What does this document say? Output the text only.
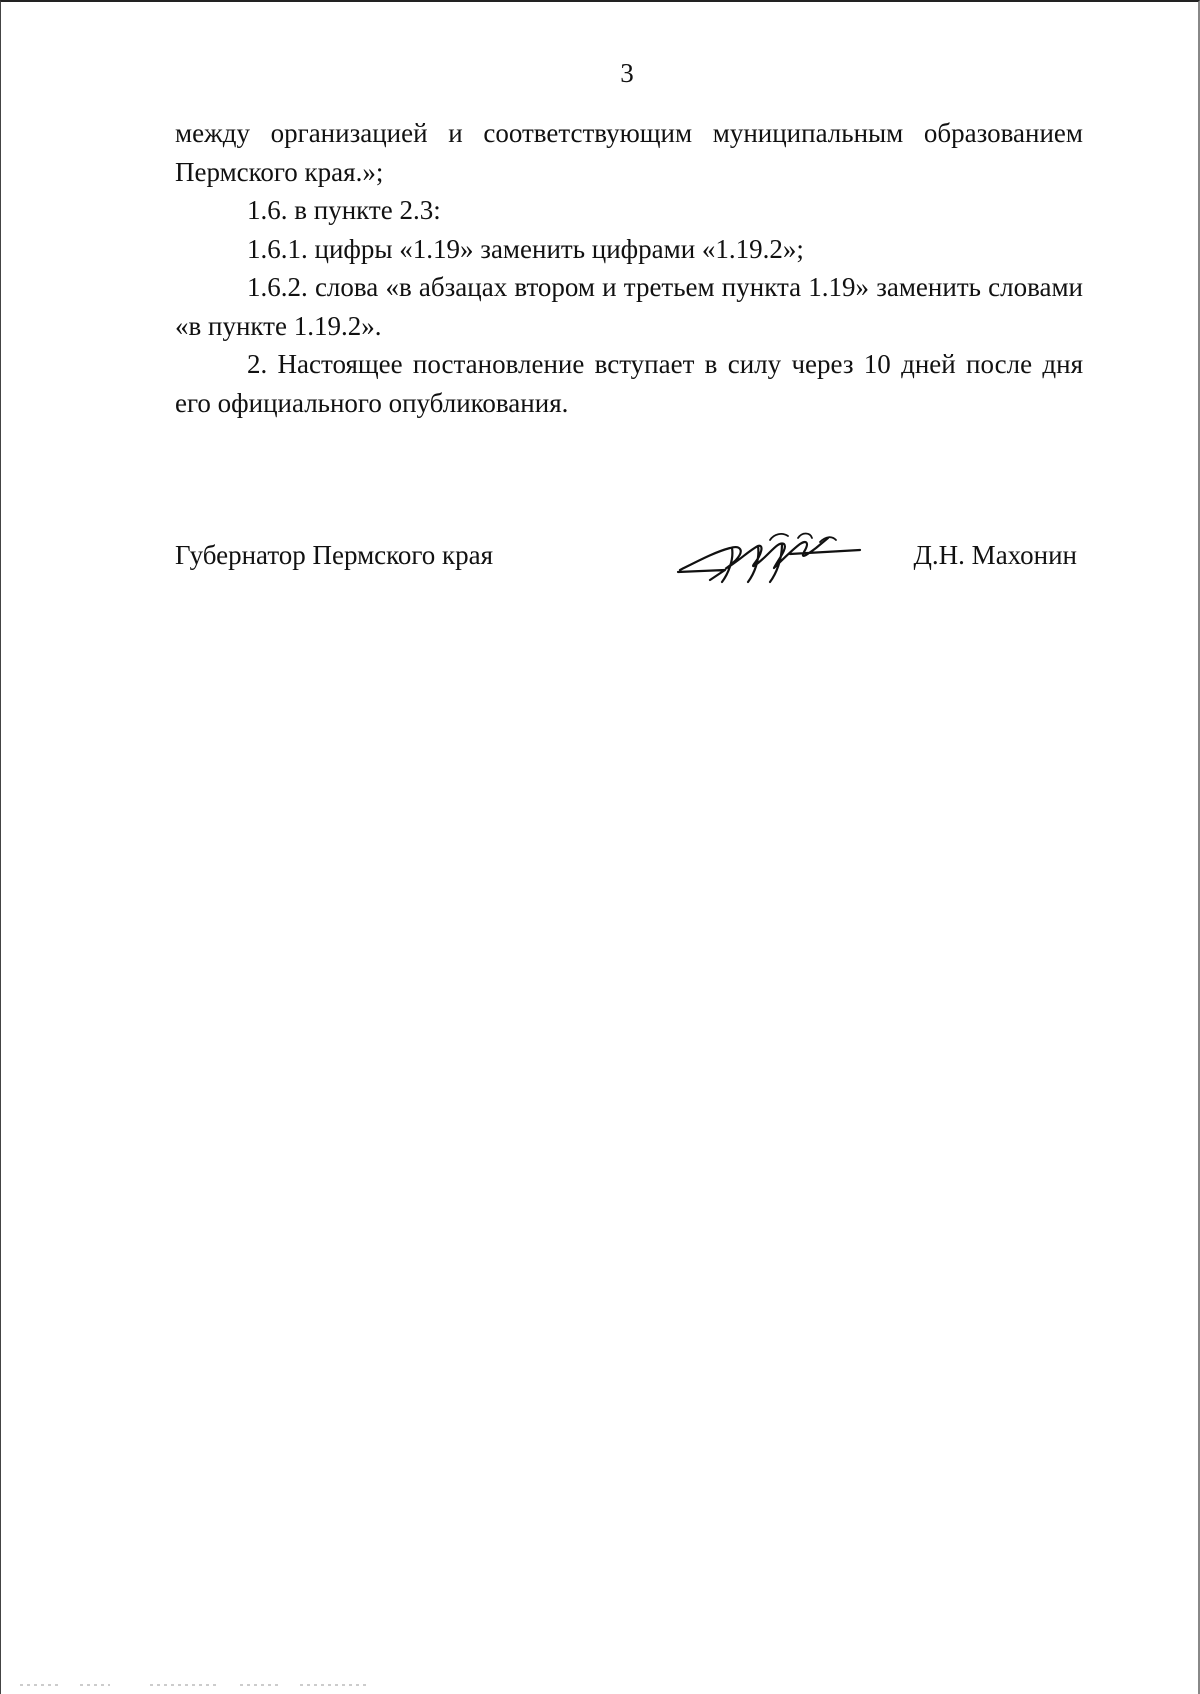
3

между организацией и соответствующим муниципальным образованием Пермского края.»;

1.6. в пункте 2.3:

1.6.1. цифры «1.19» заменить цифрами «1.19.2»;

1.6.2. слова «в абзацах втором и третьем пункта 1.19» заменить словами «в пункте 1.19.2».

2. Настоящее постановление вступает в силу через 10 дней после дня его официального опубликования.

Губернатор Пермского края	Д.Н. Махонин
